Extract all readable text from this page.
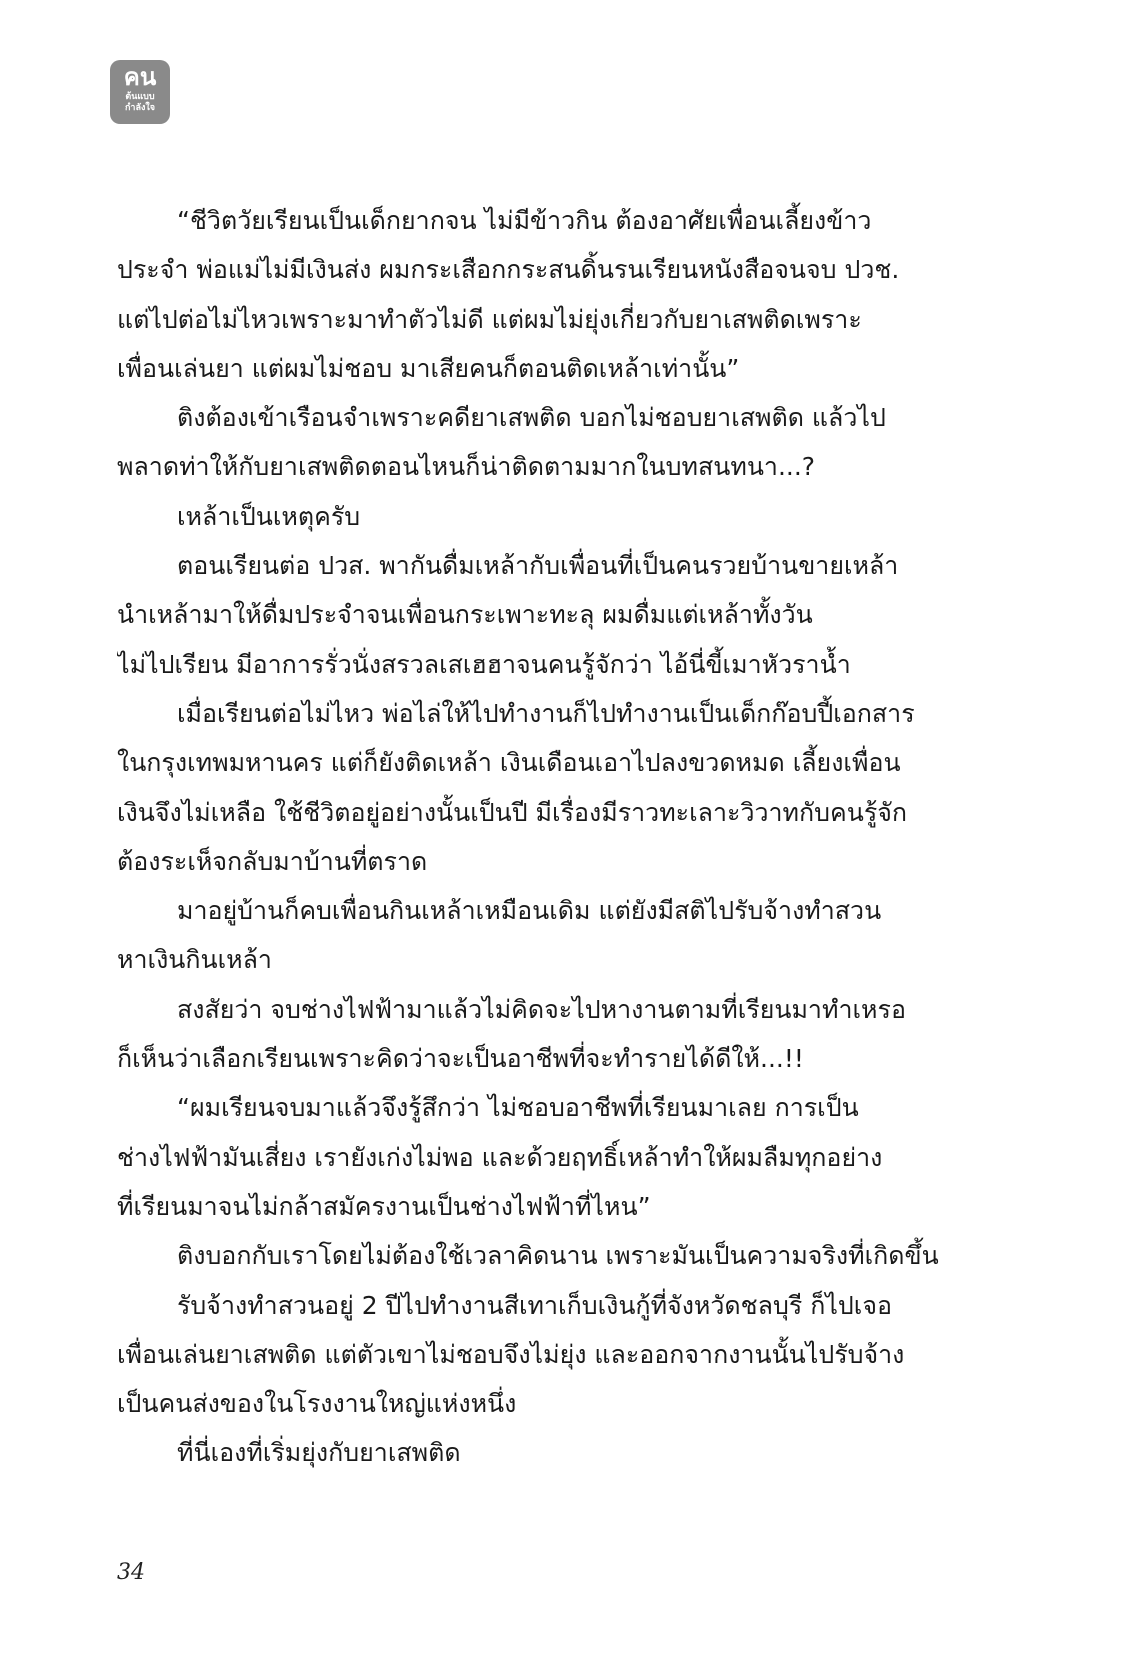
คน
ต้นแบบ
กำลังใจ

“ชีวิตวัยเรียนเป็นเด็กยากจน ไม่มีข้าวกิน ต้องอาศัยเพื่อนเลี้ยงข้าว
ประจำ พ่อแม่ไม่มีเงินส่ง ผมกระเสือกกระสนดิ้นรนเรียนหนังสือจนจบ ปวช.
แต่ไปต่อไม่ไหวเพราะมาทำตัวไม่ดี แต่ผมไม่ยุ่งเกี่ยวกับยาเสพติดเพราะ
เพื่อนเล่นยา แต่ผมไม่ชอบ มาเสียคนก็ตอนติดเหล้าเท่านั้น”

ติงต้องเข้าเรือนจำเพราะคดียาเสพติด บอกไม่ชอบยาเสพติด แล้วไป
พลาดท่าให้กับยาเสพติดตอนไหนก็น่าติดตามมากในบทสนทนา...?

เหล้าเป็นเหตุครับ

ตอนเรียนต่อ ปวส. พากันดื่มเหล้ากับเพื่อนที่เป็นคนรวยบ้านขายเหล้า
นำเหล้ามาให้ดื่มประจำจนเพื่อนกระเพาะทะลุ ผมดื่มแต่เหล้าทั้งวัน
ไม่ไปเรียน มีอาการรั่วนั่งสรวลเสเฮฮาจนคนรู้จักว่า ไอ้นี่ขี้เมาหัวราน้ำ

เมื่อเรียนต่อไม่ไหว พ่อไล่ให้ไปทำงานก็ไปทำงานเป็นเด็กก๊อบปี้เอกสาร
ในกรุงเทพมหานคร แต่ก็ยังติดเหล้า เงินเดือนเอาไปลงขวดหมด เลี้ยงเพื่อน
เงินจึงไม่เหลือ ใช้ชีวิตอยู่อย่างนั้นเป็นปี มีเรื่องมีราวทะเลาะวิวาทกับคนรู้จัก
ต้องระเห็จกลับมาบ้านที่ตราด

มาอยู่บ้านก็คบเพื่อนกินเหล้าเหมือนเดิม แต่ยังมีสติไปรับจ้างทำสวน
หาเงินกินเหล้า

สงสัยว่า จบช่างไฟฟ้ามาแล้วไม่คิดจะไปหางานตามที่เรียนมาทำเหรอ
ก็เห็นว่าเลือกเรียนเพราะคิดว่าจะเป็นอาชีพที่จะทำรายได้ดีให้...!!

“ผมเรียนจบมาแล้วจึงรู้สึกว่า ไม่ชอบอาชีพที่เรียนมาเลย การเป็น
ช่างไฟฟ้ามันเสี่ยง เรายังเก่งไม่พอ และด้วยฤทธิ์เหล้าทำให้ผมลืมทุกอย่าง
ที่เรียนมาจนไม่กล้าสมัครงานเป็นช่างไฟฟ้าที่ไหน”

ติงบอกกับเราโดยไม่ต้องใช้เวลาคิดนาน เพราะมันเป็นความจริงที่เกิดขึ้น

รับจ้างทำสวนอยู่ 2 ปีไปทำงานสีเทาเก็บเงินกู้ที่จังหวัดชลบุรี ก็ไปเจอ
เพื่อนเล่นยาเสพติด แต่ตัวเขาไม่ชอบจึงไม่ยุ่ง และออกจากงานนั้นไปรับจ้าง
เป็นคนส่งของในโรงงานใหญ่แห่งหนึ่ง

ที่นี่เองที่เริ่มยุ่งกับยาเสพติด

34
